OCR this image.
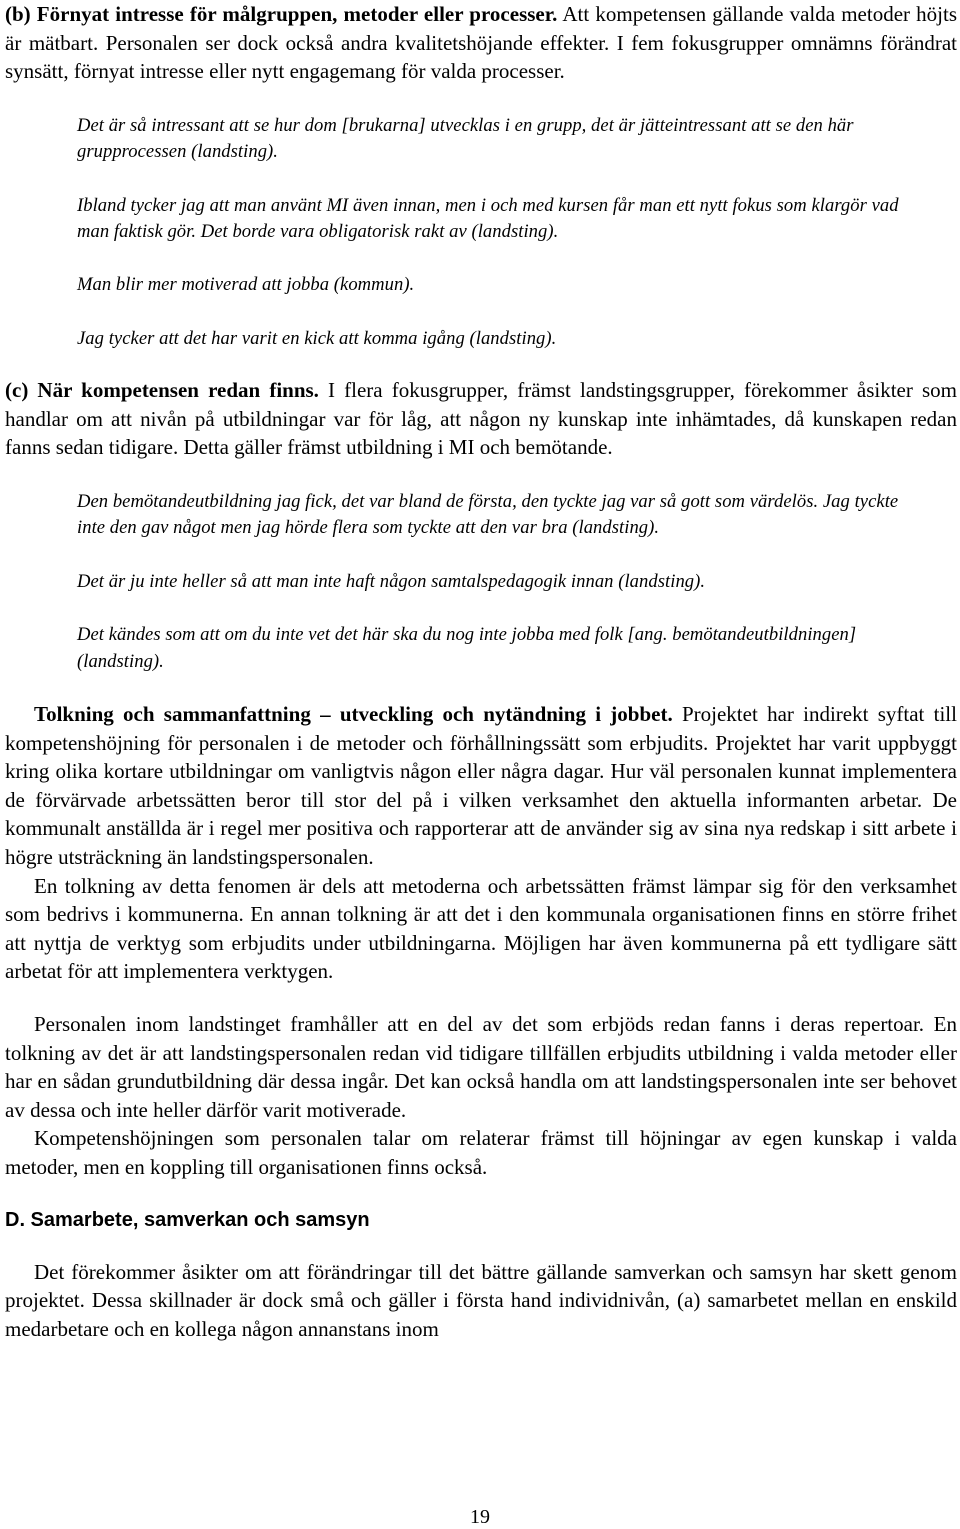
(b) Förnyat intresse för målgruppen, metoder eller processer. Att kompetensen gällande valda metoder höjts är mätbart. Personalen ser dock också andra kvalitetshöjande effekter. I fem fokusgrupper omnämns förändrat synsätt, förnyat intresse eller nytt engagemang för valda processer.

Det är så intressant att se hur dom [brukarna] utvecklas i en grupp, det är jätteintressant att se den här grupprocessen (landsting).

Ibland tycker jag att man använt MI även innan, men i och med kursen får man ett nytt fokus som klargör vad man faktisk gör. Det borde vara obligatorisk rakt av (landsting).

Man blir mer motiverad att jobba (kommun).

Jag tycker att det har varit en kick att komma igång (landsting).

(c) När kompetensen redan finns. I flera fokusgrupper, främst landstingsgrupper, förekommer åsikter som handlar om att nivån på utbildningar var för låg, att någon ny kunskap inte inhämtades, då kunskapen redan fanns sedan tidigare. Detta gäller främst utbildning i MI och bemötande.

Den bemötandeutbildning jag fick, det var bland de första, den tyckte jag var så gott som värdelös. Jag tyckte inte den gav något men jag hörde flera som tyckte att den var bra (landsting).

Det är ju inte heller så att man inte haft någon samtalspedagogik innan (landsting).

Det kändes som att om du inte vet det här ska du nog inte jobba med folk [ang. bemötandeutbildningen] (landsting).

Tolkning och sammanfattning – utveckling och nytändning i jobbet. Projektet har indirekt syftat till kompetenshöjning för personalen i de metoder och förhållningssätt som erbjudits. Projektet har varit uppbyggt kring olika kortare utbildningar om vanligtvis någon eller några dagar. Hur väl personalen kunnat implementera de förvärvade arbetssätten beror till stor del på i vilken verksamhet den aktuella informanten arbetar. De kommunalt anställda är i regel mer positiva och rapporterar att de använder sig av sina nya redskap i sitt arbete i högre utsträckning än landstingspersonalen.

En tolkning av detta fenomen är dels att metoderna och arbetssätten främst lämpar sig för den verksamhet som bedrivs i kommunerna. En annan tolkning är att det i den kommunala organisationen finns en större frihet att nyttja de verktyg som erbjudits under utbildningarna. Möjligen har även kommunerna på ett tydligare sätt arbetat för att implementera verktygen.

Personalen inom landstinget framhåller att en del av det som erbjöds redan fanns i deras repertoar. En tolkning av det är att landstingspersonalen redan vid tidigare tillfällen erbjudits utbildning i valda metoder eller har en sådan grundutbildning där dessa ingår. Det kan också handla om att landstingspersonalen inte ser behovet av dessa och inte heller därför varit motiverade.

Kompetenshöjningen som personalen talar om relaterar främst till höjningar av egen kunskap i valda metoder, men en koppling till organisationen finns också.

D. Samarbete, samverkan och samsyn

Det förekommer åsikter om att förändringar till det bättre gällande samverkan och samsyn har skett genom projektet. Dessa skillnader är dock små och gäller i första hand individnivån, (a) samarbetet mellan en enskild medarbetare och en kollega någon annanstans inom

19
